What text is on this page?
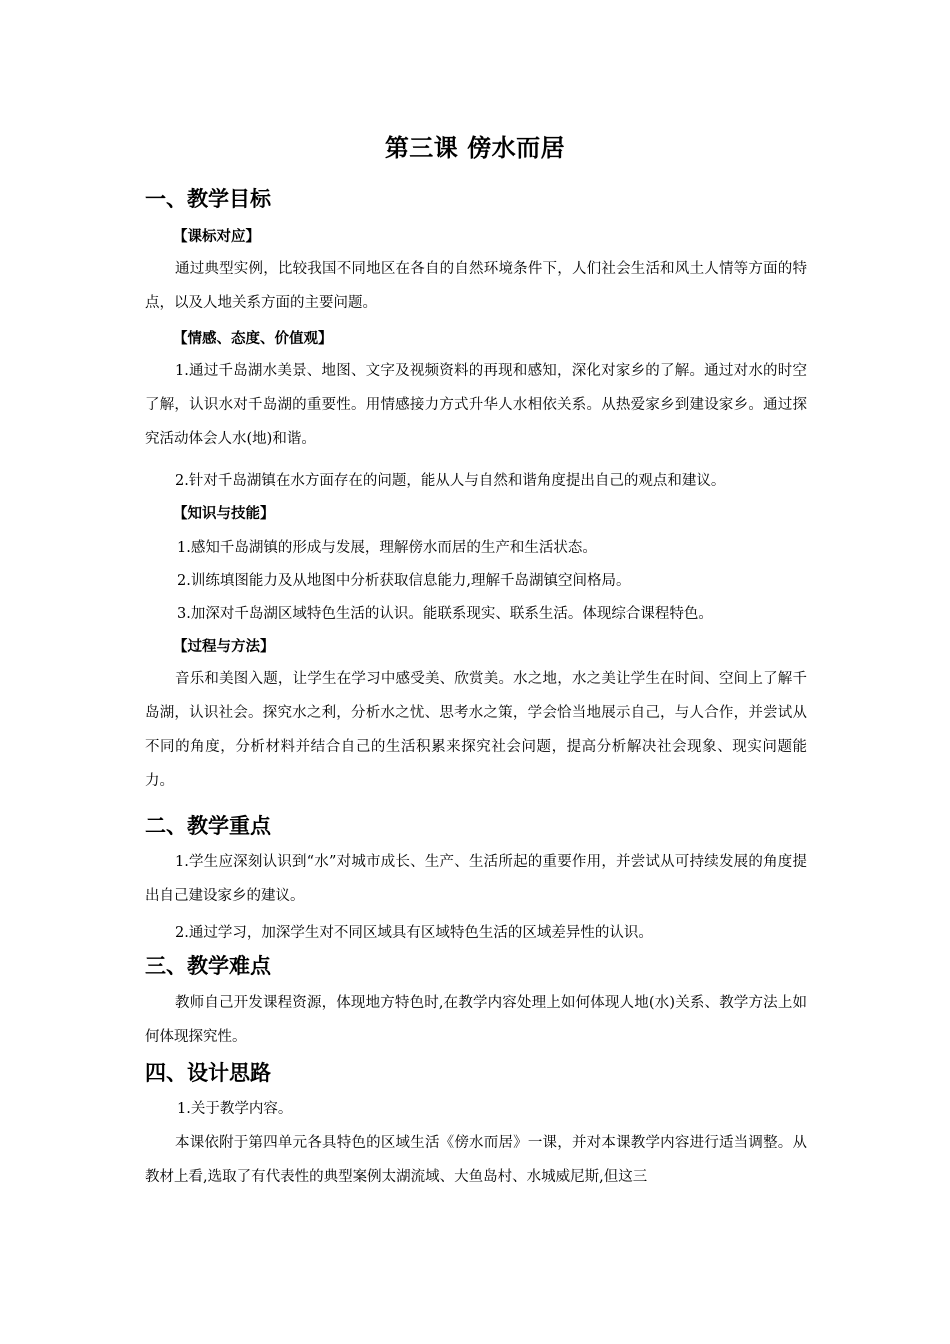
第三课 傍水而居
一、教学目标
【课标对应】
通过典型实例，比较我国不同地区在各自的自然环境条件下，人们社会生活和风土人情等方面的特点，以及人地关系方面的主要问题。
【情感、态度、价值观】
1.通过千岛湖水美景、地图、文字及视频资料的再现和感知，深化对家乡的了解。通过对水的时空了解，认识水对千岛湖的重要性。用情感接力方式升华人水相依关系。从热爱家乡到建设家乡。通过探究活动体会人水(地)和谐。
2.针对千岛湖镇在水方面存在的问题，能从人与自然和谐角度提出自己的观点和建议。
【知识与技能】
1.感知千岛湖镇的形成与发展，理解傍水而居的生产和生活状态。
2.训练填图能力及从地图中分析获取信息能力,理解千岛湖镇空间格局。
3.加深对千岛湖区域特色生活的认识。能联系现实、联系生活。体现综合课程特色。
【过程与方法】
音乐和美图入题，让学生在学习中感受美、欣赏美。水之地，水之美让学生在时间、空间上了解千岛湖，认识社会。探究水之利，分析水之忧、思考水之策，学会恰当地展示自己，与人合作，并尝试从不同的角度，分析材料并结合自己的生活积累来探究社会问题，提高分析解决社会现象、现实问题能力。
二、教学重点
1.学生应深刻认识到“水”对城市成长、生产、生活所起的重要作用，并尝试从可持续发展的角度提出自己建设家乡的建议。
2.通过学习，加深学生对不同区域具有区域特色生活的区域差异性的认识。
三、教学难点
教师自己开发课程资源，体现地方特色时,在教学内容处理上如何体现人地(水)关系、教学方法上如何体现探究性。
四、设计思路
1.关于教学内容。
本课依附于第四单元各具特色的区域生活《傍水而居》一课，并对本课教学内容进行适当调整。从教材上看,选取了有代表性的典型案例太湖流域、大鱼岛村、水城威尼斯,但这三
